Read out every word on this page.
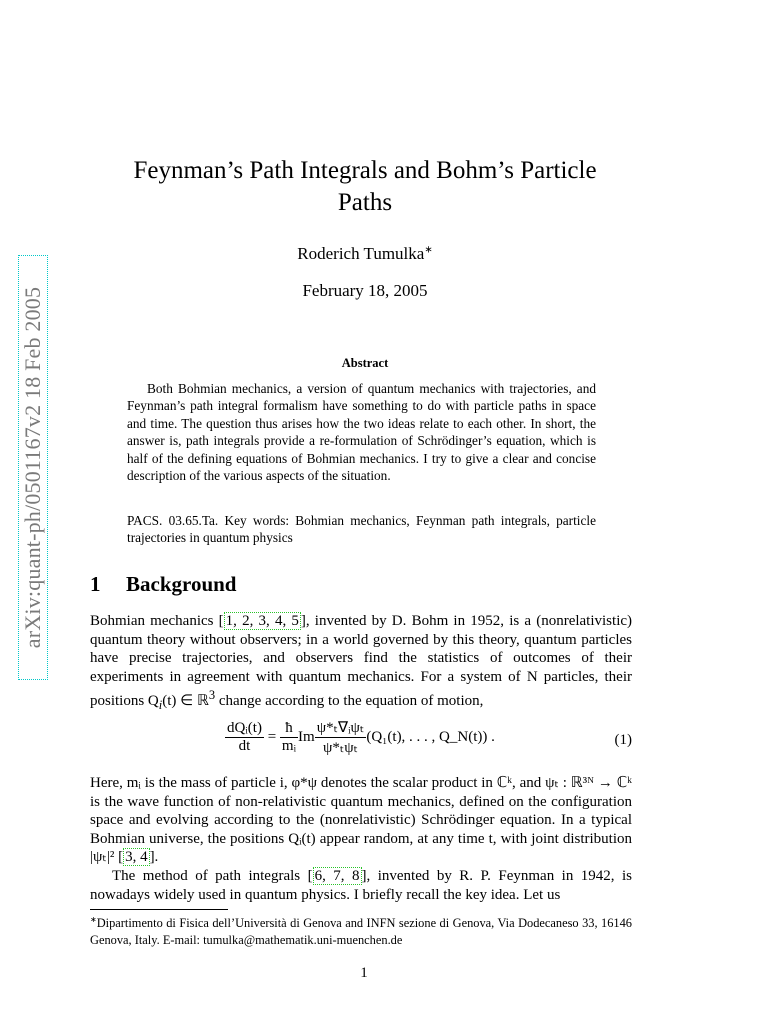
arXiv:quant-ph/0501167v2 18 Feb 2005
Feynman’s Path Integrals and Bohm’s Particle
Paths
Roderich Tumulka∗
February 18, 2005
Abstract

Both Bohmian mechanics, a version of quantum mechanics with trajectories, and Feynman’s path integral formalism have something to do with particle paths in space and time. The question thus arises how the two ideas relate to each other. In short, the answer is, path integrals provide a re-formulation of Schrödinger’s equation, which is half of the defining equations of Bohmian mechanics. I try to give a clear and concise description of the various aspects of the situation.

PACS. 03.65.Ta. Key words: Bohmian mechanics, Feynman path integrals, particle trajectories in quantum physics
1 Background

Bohmian mechanics [ 1, 2, 3, 4, 5 ], invented by D. Bohm in 1952, is a (nonrelativistic) quantum theory without observers; in a world governed by this theory, quantum particles have precise trajectories, and observers find the statistics of outcomes of their experiments in agreement with quantum mechanics. For a system of N particles, their positions $Q_i(t)$ ∈ ℝ$^3$ change according to the equation of motion,

$\frac{\text{dQᵢ(t)}}{dt} = \frac{ħ}{\text{mᵢ}}$ Im $\frac{\text{ψ*ₜ∇ᵢψₜ}}{\text{ψ*ₜψₜ}} (Q_1(t)$, . . . , Q_N(t)) .	(1)

Here, mᵢ is the mass of particle i, φ*ψ denotes the scalar product in ℂᵏ, and ψₜ : ℝ³ᴺ → ℂᵏ is the wave function of non-relativistic quantum mechanics, defined on the configuration space and evolving according to the (nonrelativistic) Schrödinger equation. In a typical Bohmian universe, the positions Qᵢ(t) appear random, at any time t, with joint distribution |ψₜ|² [ 3, 4 ].

The method of path integrals [ 6, 7, 8 ], invented by R. P. Feynman in 1942, is nowadays widely used in quantum physics. I briefly recall the key idea. Let us

∗Dipartimento di Fisica dell’Università di Genova and INFN sezione di Genova, Via Dodecaneso 33, 16146 Genova, Italy. E-mail: tumulka@mathematik.uni-muenchen.de
1
